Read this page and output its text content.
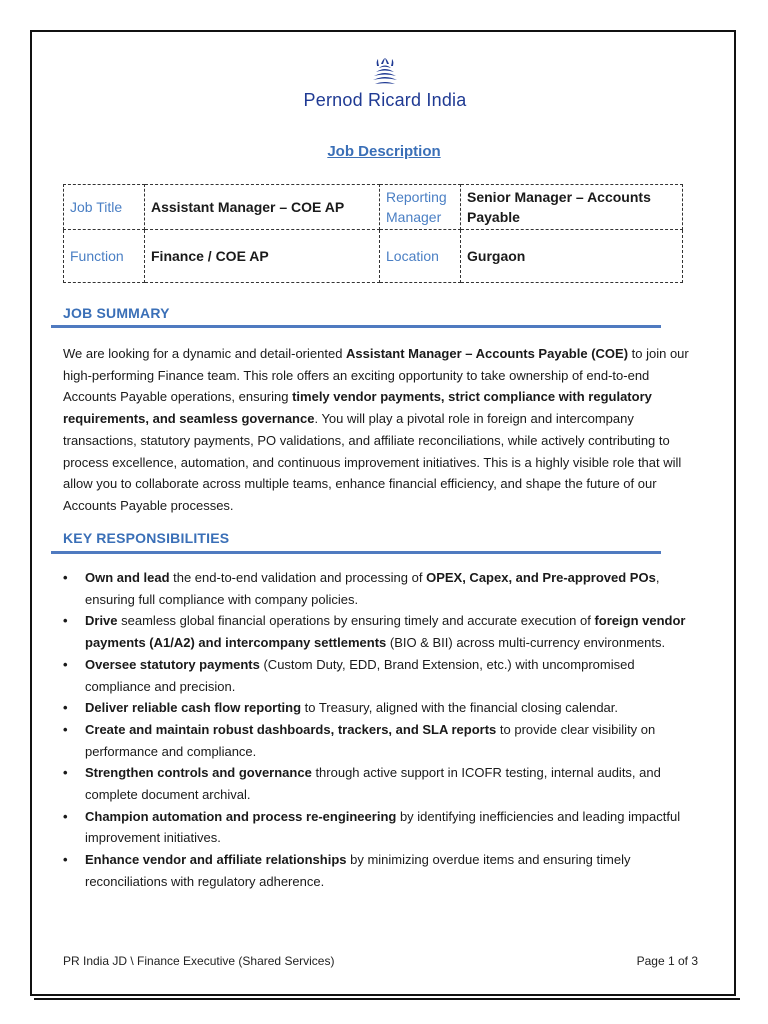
Pernod Ricard India
Job Description
Job Title	Assistant Manager – COE AP	Reporting Manager	Senior Manager – Accounts Payable
Function	Finance / COE AP	Location	Gurgaon
JOB SUMMARY
We are looking for a dynamic and detail-oriented Assistant Manager – Accounts Payable (COE) to join our high-performing Finance team. This role offers an exciting opportunity to take ownership of end-to-end Accounts Payable operations, ensuring timely vendor payments, strict compliance with regulatory requirements, and seamless governance. You will play a pivotal role in foreign and intercompany transactions, statutory payments, PO validations, and affiliate reconciliations, while actively contributing to process excellence, automation, and continuous improvement initiatives. This is a highly visible role that will allow you to collaborate across multiple teams, enhance financial efficiency, and shape the future of our Accounts Payable processes.
KEY RESPONSIBILITIES
• Own and lead the end-to-end validation and processing of OPEX, Capex, and Pre-approved POs, ensuring full compliance with company policies.
• Drive seamless global financial operations by ensuring timely and accurate execution of foreign vendor payments (A1/A2) and intercompany settlements (BIO & BII) across multi-currency environments.
• Oversee statutory payments (Custom Duty, EDD, Brand Extension, etc.) with uncompromised compliance and precision.
• Deliver reliable cash flow reporting to Treasury, aligned with the financial closing calendar.
• Create and maintain robust dashboards, trackers, and SLA reports to provide clear visibility on performance and compliance.
• Strengthen controls and governance through active support in ICOFR testing, internal audits, and complete document archival.
• Champion automation and process re-engineering by identifying inefficiencies and leading impactful improvement initiatives.
• Enhance vendor and affiliate relationships by minimizing overdue items and ensuring timely reconciliations with regulatory adherence.
PR India JD \ Finance Executive (Shared Services)	Page 1 of 3
